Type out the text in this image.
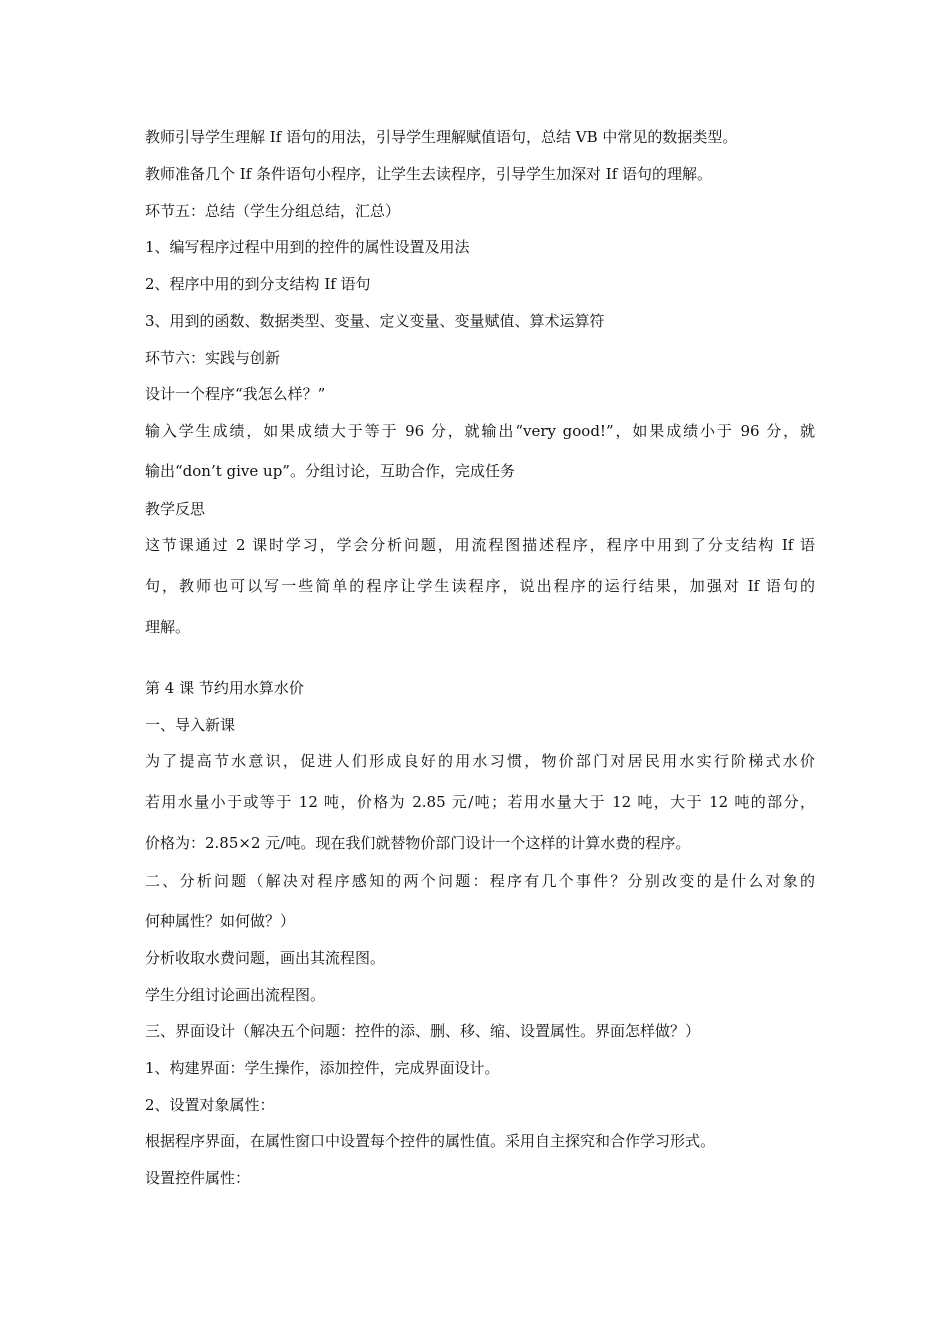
教师引导学生理解 If 语句的用法，引导学生理解赋值语句，总结 VB 中常见的数据类型。
教师准备几个 If 条件语句小程序，让学生去读程序，引导学生加深对 If 语句的理解。
环节五：总结（学生分组总结，汇总）
1、编写程序过程中用到的控件的属性设置及用法
2、程序中用的到分支结构 If 语句
3、用到的函数、数据类型、变量、定义变量、变量赋值、算术运算符
环节六：实践与创新
设计一个程序“我怎么样？”
输入学生成绩，如果成绩大于等于 96 分，就输出“very good!”，如果成绩小于 96 分，就
输出“don’t give up”。分组讨论，互助合作，完成任务
教学反思
这节课通过 2 课时学习，学会分析问题，用流程图描述程序，程序中用到了分支结构 If 语
句，教师也可以写一些简单的程序让学生读程序，说出程序的运行结果，加强对 If 语句的
理解。
第 4 课 节约用水算水价
一、导入新课
为了提高节水意识，促进人们形成良好的用水习惯，物价部门对居民用水实行阶梯式水价
若用水量小于或等于 12 吨，价格为 2.85 元/吨；若用水量大于 12 吨，大于 12 吨的部分，
价格为：2.85×2 元/吨。现在我们就替物价部门设计一个这样的计算水费的程序。
二、分析问题（解决对程序感知的两个问题：程序有几个事件？分别改变的是什么对象的
何种属性？如何做？）
分析收取水费问题，画出其流程图。
学生分组讨论画出流程图。
三、界面设计（解决五个问题：控件的添、删、移、缩、设置属性。界面怎样做？）
1、构建界面：学生操作，添加控件，完成界面设计。
2、设置对象属性：
根据程序界面，在属性窗口中设置每个控件的属性值。采用自主探究和合作学习形式。
设置控件属性：
